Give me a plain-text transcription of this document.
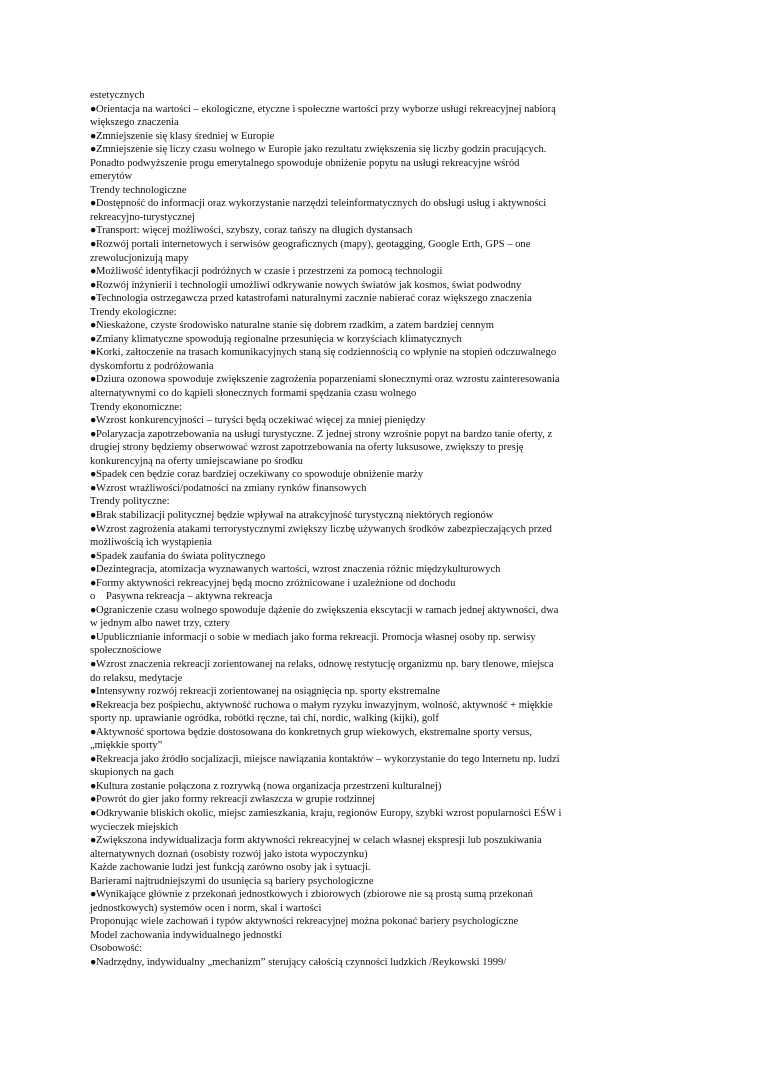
estetycznych
●Orientacja na wartości – ekologiczne, etyczne i społeczne wartości przy wyborze usługi rekreacyjnej nabiorą
większego znaczenia
●Zmniejszenie się klasy średniej w Europie
●Zmniejszenie się liczy czasu wolnego w Europie jako rezultatu zwiększenia się liczby godzin pracujących.
Ponadto podwyższenie progu emerytalnego spowoduje obniżenie popytu na usługi rekreacyjne wśród
emerytów
Trendy technologiczne
●Dostępność do informacji oraz wykorzystanie narzędzi teleinformatycznych do obsługi usług i aktywności
rekreacyjno-turystycznej
●Transport: więcej możliwości, szybszy, coraz tańszy na długich dystansach
●Rozwój portali internetowych i serwisów geograficznych (mapy), geotagging, Google Erth, GPS – one
zrewolucjonizują mapy
●Możliwość identyfikacji podróżnych w czasie i przestrzeni za pomocą technologii
●Rozwój inżynierii i technologii umożliwi odkrywanie nowych światów jak kosmos, świat podwodny
●Technologia ostrzegawcza przed katastrofami naturalnymi zacznie nabierać coraz większego znaczenia
Trendy ekologiczne:
●Nieskażone, czyste środowisko naturalne stanie się dobrem rzadkim, a zatem bardziej cennym
●Zmiany klimatyczne spowodują regionalne przesunięcia w korzyściach klimatycznych
●Korki, załtoczenie na trasach komunikacyjnych staną się codziennością co wpłynie na stopień odczuwalnego
dyskomfortu z podróżowania
●Dziura ozonowa spowoduje zwiększenie zagrożenia poparzeniami słonecznymi oraz wzrostu zainteresowania
alternatywnymi co do kąpieli słonecznych formami spędzania czasu wolnego
Trendy ekonomiczne:
●Wzrost konkurencyjności – turyści będą oczekiwać więcej za mniej pieniędzy
●Polaryzacja zapotrzebowania na usługi turystyczne. Z jednej strony wzrośnie popyt na bardzo tanie oferty, z
drugiej strony będziemy obserwować wzrost zapotrzebowania na oferty luksusowe, zwiększy to presję
konkurencyjną na oferty umiejscawiane po środku
●Spadek cen będzie coraz bardziej oczekiwany co spowoduje obniżenie marży
●Wzrost wrażliwości/podatności na zmiany rynków finansowych
Trendy polityczne:
●Brak stabilizacji politycznej będzie wpływał na atrakcyjność turystyczną niektórych regionów
●Wzrost zagrożenia atakami terrorystycznymi zwiększy liczbę używanych środków zabezpieczających przed
możliwością ich wystąpienia
●Spadek zaufania do świata politycznego
●Dezintegracja, atomizacja wyznawanych wartości, wzrost znaczenia różnic międzykulturowych
●Formy aktywności rekreacyjnej będą mocno zróżnicowane i uzależnione od dochodu
o Pasywna rekreacja – aktywna rekreacja
●Ograniczenie czasu wolnego spowoduje dążenie do zwiększenia ekscytacji w ramach jednej aktywności, dwa
w jednym albo nawet trzy, cztery
●Upublicznianie informacji o sobie w mediach jako forma rekreacji. Promocja własnej osoby np. serwisy
społecznościowe
●Wzrost znaczenia rekreacji zorientowanej na relaks, odnowę restytucję organizmu np. bary tlenowe, miejsca
do relaksu, medytacje
●Intensywny rozwój rekreacji zorientowanej na osiągnięcia np. sporty ekstremalne
●Rekreacja bez pośpiechu, aktywność ruchowa o małym ryzyku inwazyjnym, wolność, aktywność + miękkie
sporty np. uprawianie ogródka, robótki ręczne, tai chi, nordic, walking (kijki), golf
●Aktywność sportowa będzie dostosowana do konkretnych grup wiekowych, ekstremalne sporty versus,
„miękkie sporty”
●Rekreacja jako źródło socjalizacji, miejsce nawiązania kontaktów – wykorzystanie do tego Internetu np. ludzi
skupionych na gach
●Kultura zostanie połączona z rozrywką (nowa organizacja przestrzeni kulturalnej)
●Powrót do gier jako formy rekreacji zwłaszcza w grupie rodzinnej
●Odkrywanie bliskich okolic, miejsc zamieszkania, kraju, regionów Europy, szybki wzrost popularności EŚW i
wycieczek miejskich
●Zwiększona indywidualizacja form aktywności rekreacyjnej w celach własnej ekspresji lub poszukiwania
alternatywnych doznań (osobisty rozwój jako istota wypoczynku)
Każde zachowanie ludzi jest funkcją zarówno osoby jak i sytuacji.
Barierami najtrudniejszymi do usunięcia są bariery psychologiczne
●Wynikające głównie z przekonań jednostkowych i zbiorowych (zbiorowe nie są prostą sumą przekonań
jednostkowych) systemów ocen i norm, skal i wartości
Proponując wiele zachowań i typów aktywności rekreacyjnej można pokonać bariery psychologiczne
Model zachowania indywidualnego jednostki
Osobowość:
●Nadrzędny, indywidualny „mechanizm” sterujący całością czynności ludzkich /Reykowski 1999/
